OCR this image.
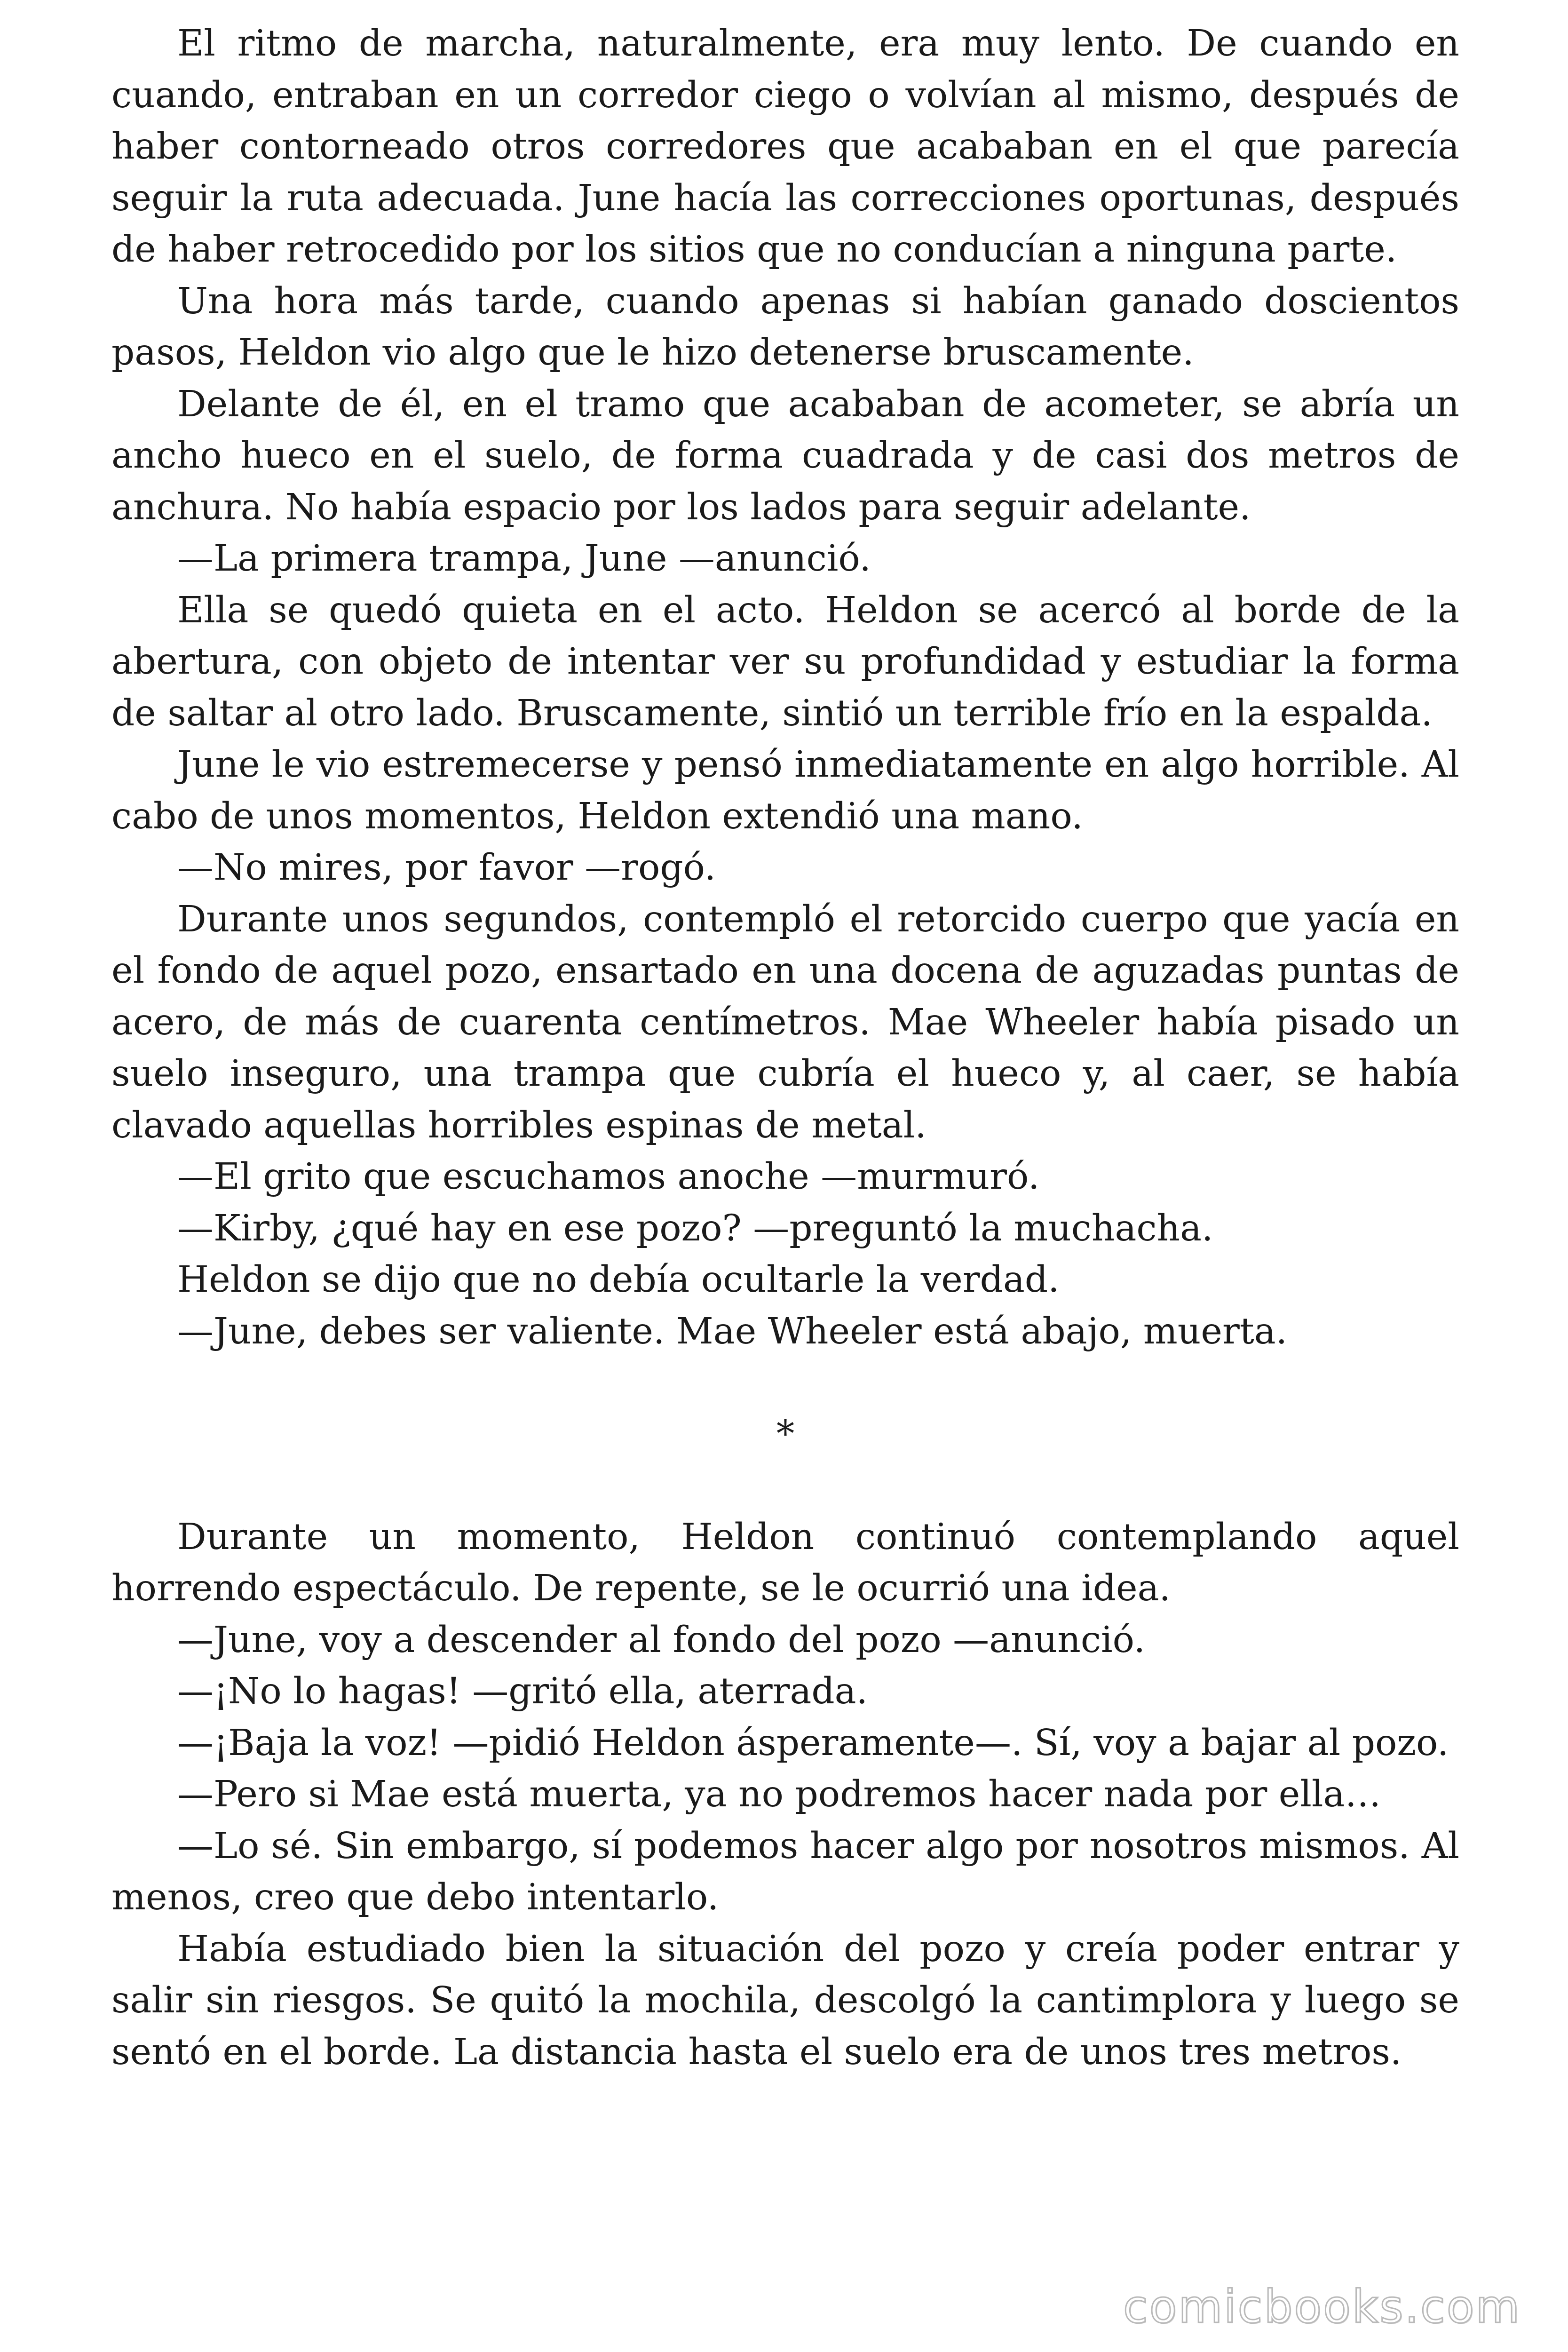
El ritmo de marcha, naturalmente, era muy lento. De cuando en cuando, entraban en un corredor ciego o volvían al mismo, después de haber contorneado otros corredores que acababan en el que parecía seguir la ruta adecuada. June hacía las correcciones oportunas, después de haber retrocedido por los sitios que no conducían a ninguna parte.

Una hora más tarde, cuando apenas si habían ganado doscientos pasos, Heldon vio algo que le hizo detenerse bruscamente.

Delante de él, en el tramo que acababan de acometer, se abría un ancho hueco en el suelo, de forma cuadrada y de casi dos metros de anchura. No había espacio por los lados para seguir adelante.

—La primera trampa, June —anunció.

Ella se quedó quieta en el acto. Heldon se acercó al borde de la abertura, con objeto de intentar ver su profundidad y estudiar la forma de saltar al otro lado. Bruscamente, sintió un terrible frío en la espalda.

June le vio estremecerse y pensó inmediatamente en algo horrible. Al cabo de unos momentos, Heldon extendió una mano.

—No mires, por favor —rogó.

Durante unos segundos, contempló el retorcido cuerpo que yacía en el fondo de aquel pozo, ensartado en una docena de aguzadas puntas de acero, de más de cuarenta centímetros. Mae Wheeler había pisado un suelo inseguro, una trampa que cubría el hueco y, al caer, se había clavado aquellas horribles espinas de metal.

—El grito que escuchamos anoche —murmuró.

—Kirby, ¿qué hay en ese pozo? —preguntó la muchacha.

Heldon se dijo que no debía ocultarle la verdad.

—June, debes ser valiente. Mae Wheeler está abajo, muerta.

*

Durante un momento, Heldon continuó contemplando aquel horrendo espectáculo. De repente, se le ocurrió una idea.

—June, voy a descender al fondo del pozo —anunció.

—¡No lo hagas! —gritó ella, aterrada.

—¡Baja la voz! —pidió Heldon ásperamente—. Sí, voy a bajar al pozo.

—Pero si Mae está muerta, ya no podremos hacer nada por ella…

—Lo sé. Sin embargo, sí podemos hacer algo por nosotros mismos. Al menos, creo que debo intentarlo.

Había estudiado bien la situación del pozo y creía poder entrar y salir sin riesgos. Se quitó la mochila, descolgó la cantimplora y luego se sentó en el borde. La distancia hasta el suelo era de unos tres metros.

comicbooks.com
